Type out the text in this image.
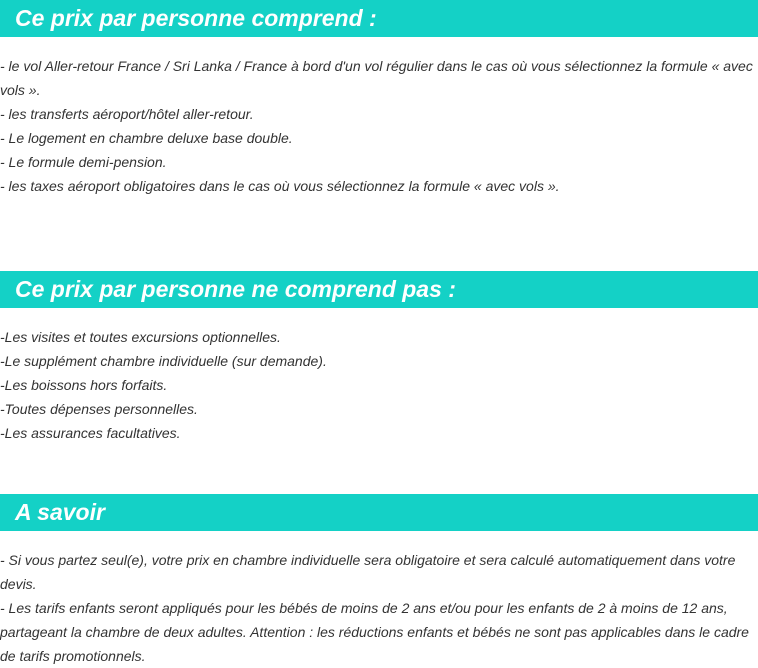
Ce prix par personne comprend :

- le vol Aller-retour France / Sri Lanka / France à bord d'un vol régulier dans le cas où vous sélectionnez la formule « avec vols ».

- les transferts aéroport/hôtel aller-retour.

- Le logement en chambre deluxe base double.

- Le formule demi-pension.

- les taxes aéroport obligatoires dans le cas où vous sélectionnez la formule « avec vols ».

Ce prix par personne ne comprend pas :

-Les visites et toutes excursions optionnelles.

-Le supplément chambre individuelle (sur demande).

-Les boissons hors forfaits.

-Toutes dépenses personnelles.

-Les assurances facultatives.

A savoir

- Si vous partez seul(e), votre prix en chambre individuelle sera obligatoire et sera calculé automatiquement dans votre devis.

- Les tarifs enfants seront appliqués pour les bébés de moins de 2 ans et/ou pour les enfants de 2 à moins de 12 ans, partageant la chambre de deux adultes. Attention : les réductions enfants et bébés ne sont pas applicables dans le cadre de tarifs promotionnels.
